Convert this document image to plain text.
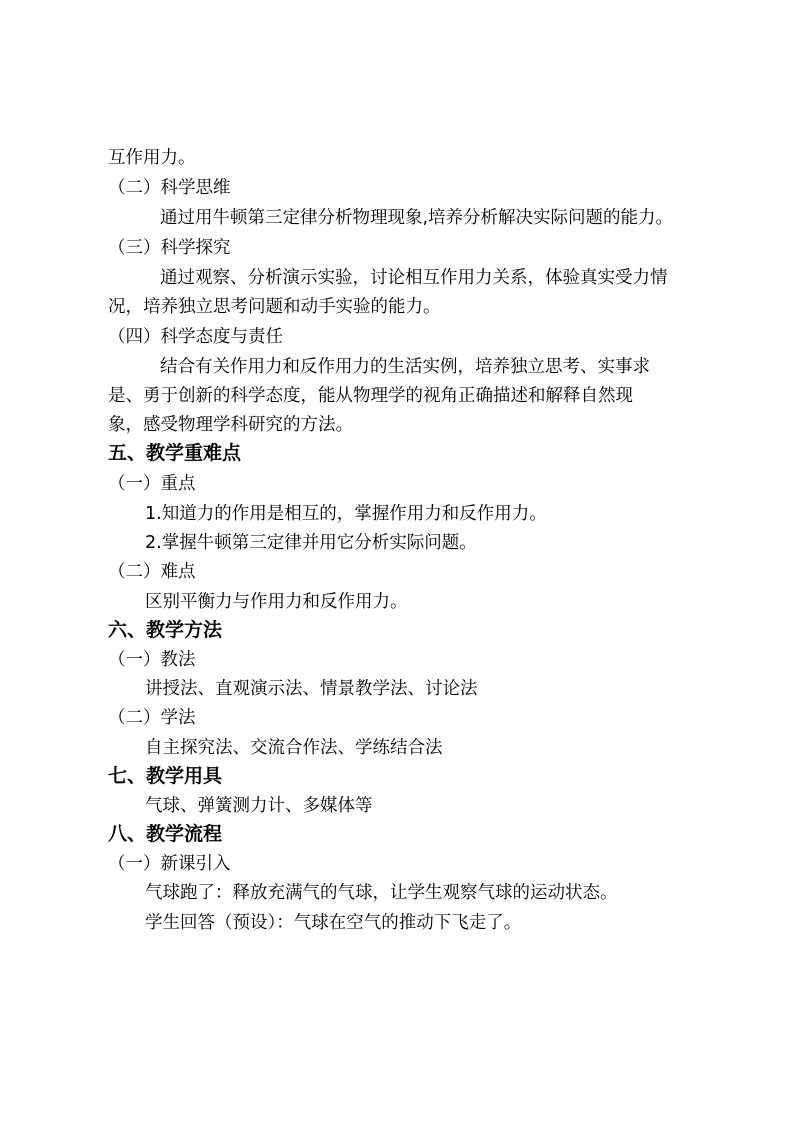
互作用力。
（二）科学思维
通过用牛顿第三定律分析物理现象,培养分析解决实际问题的能力。
（三）科学探究
通过观察、分析演示实验，讨论相互作用力关系，体验真实受力情
况，培养独立思考问题和动手实验的能力。
（四）科学态度与责任
结合有关作用力和反作用力的生活实例，培养独立思考、实事求
是、勇于创新的科学态度，能从物理学的视角正确描述和解释自然现
象，感受物理学科研究的方法。
五、教学重难点
（一）重点
1.知道力的作用是相互的，掌握作用力和反作用力。
2.掌握牛顿第三定律并用它分析实际问题。
（二）难点
区别平衡力与作用力和反作用力。
六、教学方法
（一）教法
讲授法、直观演示法、情景教学法、讨论法
（二）学法
自主探究法、交流合作法、学练结合法
七、教学用具
气球、弹簧测力计、多媒体等
八、教学流程
（一）新课引入
气球跑了：释放充满气的气球，让学生观察气球的运动状态。
学生回答（预设）：气球在空气的推动下飞走了。
